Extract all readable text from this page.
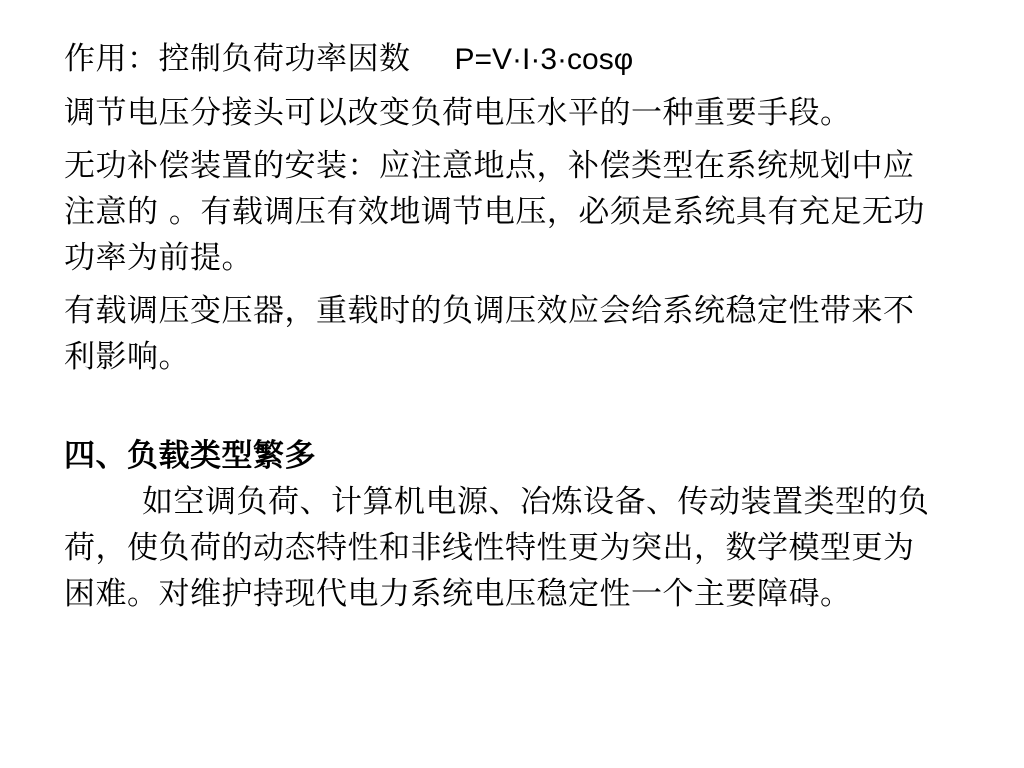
作用：控制负荷功率因数 P=V·I·3·cosφ

调节电压分接头可以改变负荷电压水平的一种重要手段。

无功补偿装置的安装：应注意地点，补偿类型在系统规划中应注意的 。有载调压有效地调节电压，必须是系统具有充足无功功率为前提。

有载调压变压器，重载时的负调压效应会给系统稳定性带来不利影响。

四、负载类型繁多

如空调负荷、计算机电源、冶炼设备、传动装置类型的负荷，使负荷的动态特性和非线性特性更为突出，数学模型更为困难。对维护持现代电力系统电压稳定性一个主要障碍。
